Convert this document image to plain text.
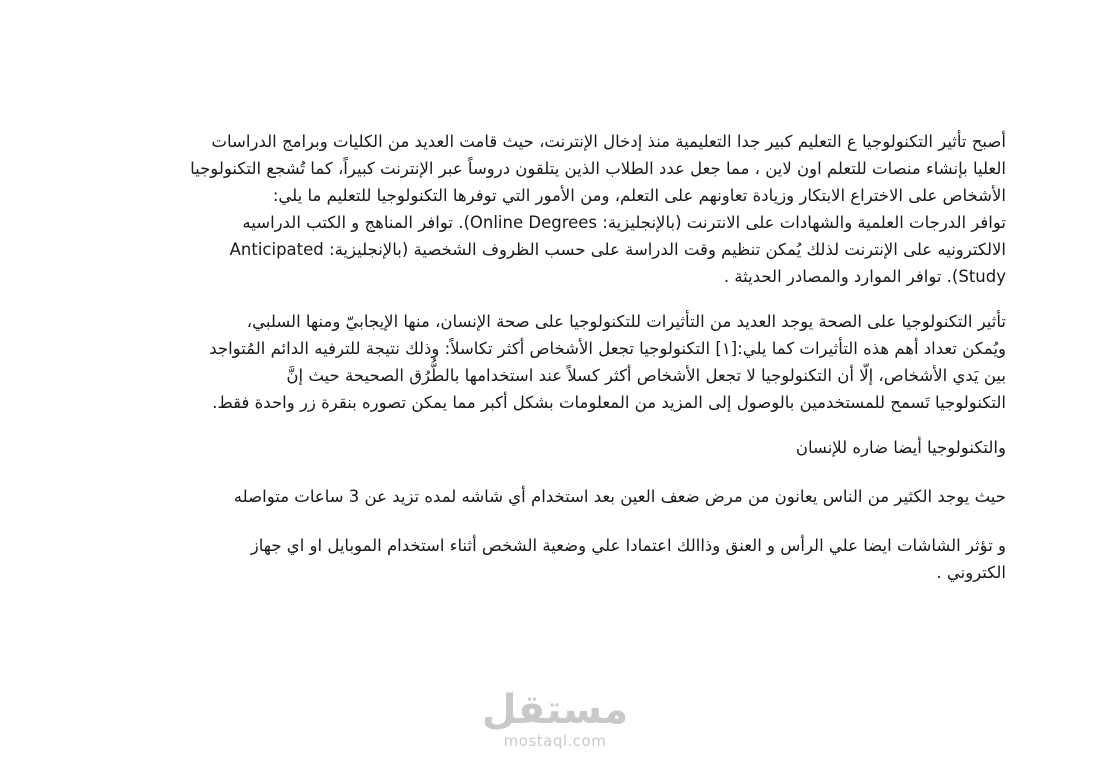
أصبح تأثير التكنولوجيا ع التعليم كبير جدا التعليمية منذ إدخال الإنترنت، حيث قامت العديد من الكليات وبرامج الدراسات
العليا بإنشاء منصات للتعلم اون لاين ، مما جعل عدد الطلاب الذين يتلقون دروساً عبر الإنترنت كبيراً، كما تُشجع التكنولوجيا
الأشخاص على الاختراع الابتكار وزيادة تعاونهم على التعلم، ومن الأمور التي توفرها التكنولوجيا للتعليم ما يلي:
توافر الدرجات العلمية والشهادات على الانترنت (بالإنجليزية: Online Degrees). توافر المناهج و الكتب الدراسيه
الالكترونيه على الإنترنت لذلك يُمكن تنظيم وقت الدراسة على حسب الظروف الشخصية (بالإنجليزية: Anticipated
Study). توافر الموارد والمصادر الحديثة .

تأثير التكنولوجيا على الصحة يوجد العديد من التأثيرات للتكنولوجيا على صحة الإنسان، منها الإيجابيّ ومنها السلبي،
ويُمكن تعداد أهم هذه التأثيرات كما يلي:[١] التكنولوجيا تجعل الأشخاص أكثر تكاسلاً: وذلك نتيجة للترفيه الدائم المُتواجد
بين يَدي الأشخاص، إلّا أن التكنولوجيا لا تجعل الأشخاص أكثر كسلاً عند استخدامها بالطُّرُق الصحيحة حيث إنَّ
التكنولوجيا تَسمح للمستخدمين بالوصول إلى المزيد من المعلومات بشكل أكبر مما يمكن تصوره بنقرة زر واحدة فقط.

والتكنولوجيا أيضا ضاره للإنسان

حيث يوجد الكثير من الناس يعانون من مرض ضعف العين بعد استخدام أي شاشه لمده تزيد عن 3 ساعات متواصله

و تؤثر الشاشات ايضا علي الرأس و العنق وذاالك اعتمادا علي وضعية الشخص أثناء استخدام الموبايل او اي جهاز
الكتروني .

مستقل
mostaql.com
